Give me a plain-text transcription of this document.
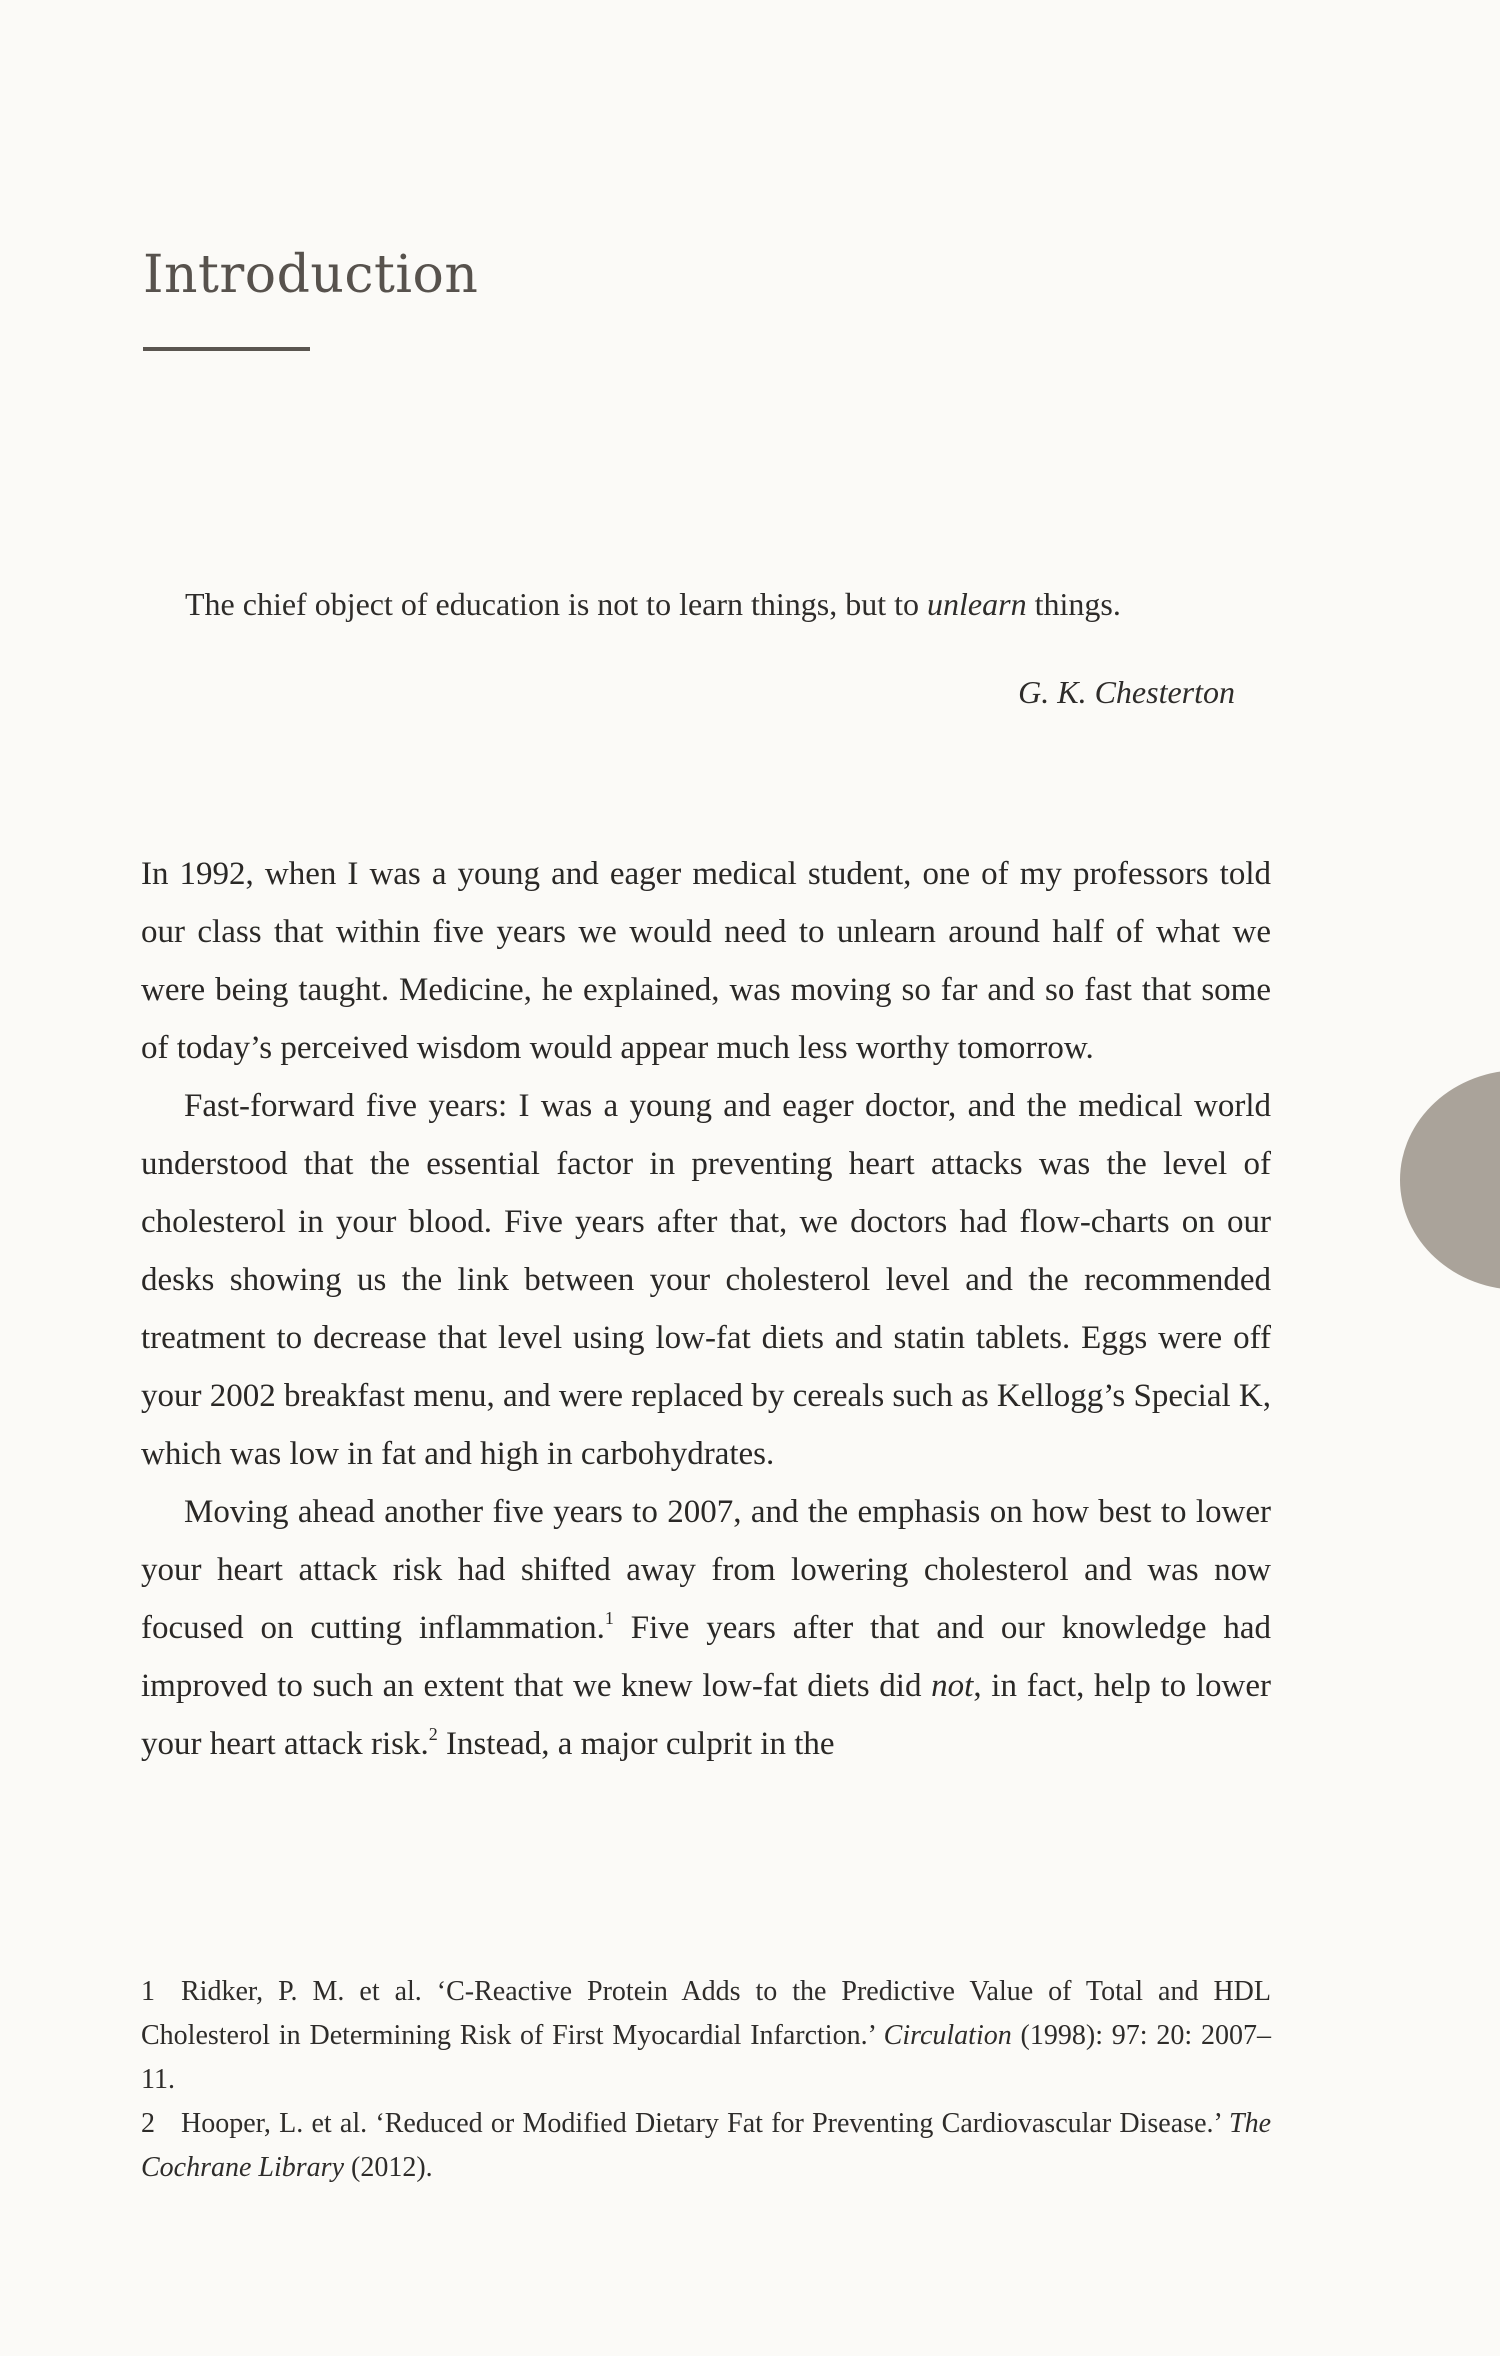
Introduction

The chief object of education is not to learn things, but to unlearn things.

G. K. Chesterton

In 1992, when I was a young and eager medical student, one of my professors told our class that within five years we would need to unlearn around half of what we were being taught. Medicine, he explained, was moving so far and so fast that some of today’s perceived wisdom would appear much less worthy tomorrow.

Fast-forward five years: I was a young and eager doctor, and the medical world understood that the essential factor in preventing heart attacks was the level of cholesterol in your blood. Five years after that, we doctors had flow-charts on our desks showing us the link between your cholesterol level and the recommended treatment to decrease that level using low-fat diets and statin tablets. Eggs were off your 2002 breakfast menu, and were replaced by cereals such as Kellogg’s Special K, which was low in fat and high in carbohydrates.

Moving ahead another five years to 2007, and the emphasis on how best to lower your heart attack risk had shifted away from lowering cholesterol and was now focused on cutting inflammation.$^1$ Five years after that and our knowledge had improved to such an extent that we knew low-fat diets did not, in fact, help to lower your heart attack risk.$^2$ Instead, a major culprit in the

1 Ridker, P. M. et al. ‘C-Reactive Protein Adds to the Predictive Value of Total and HDL Cholesterol in Determining Risk of First Myocardial Infarction.’ Circulation (1998): 97: 20: 2007–11.

2 Hooper, L. et al. ‘Reduced or Modified Dietary Fat for Preventing Cardiovascular Disease.’ The Cochrane Library (2012).
